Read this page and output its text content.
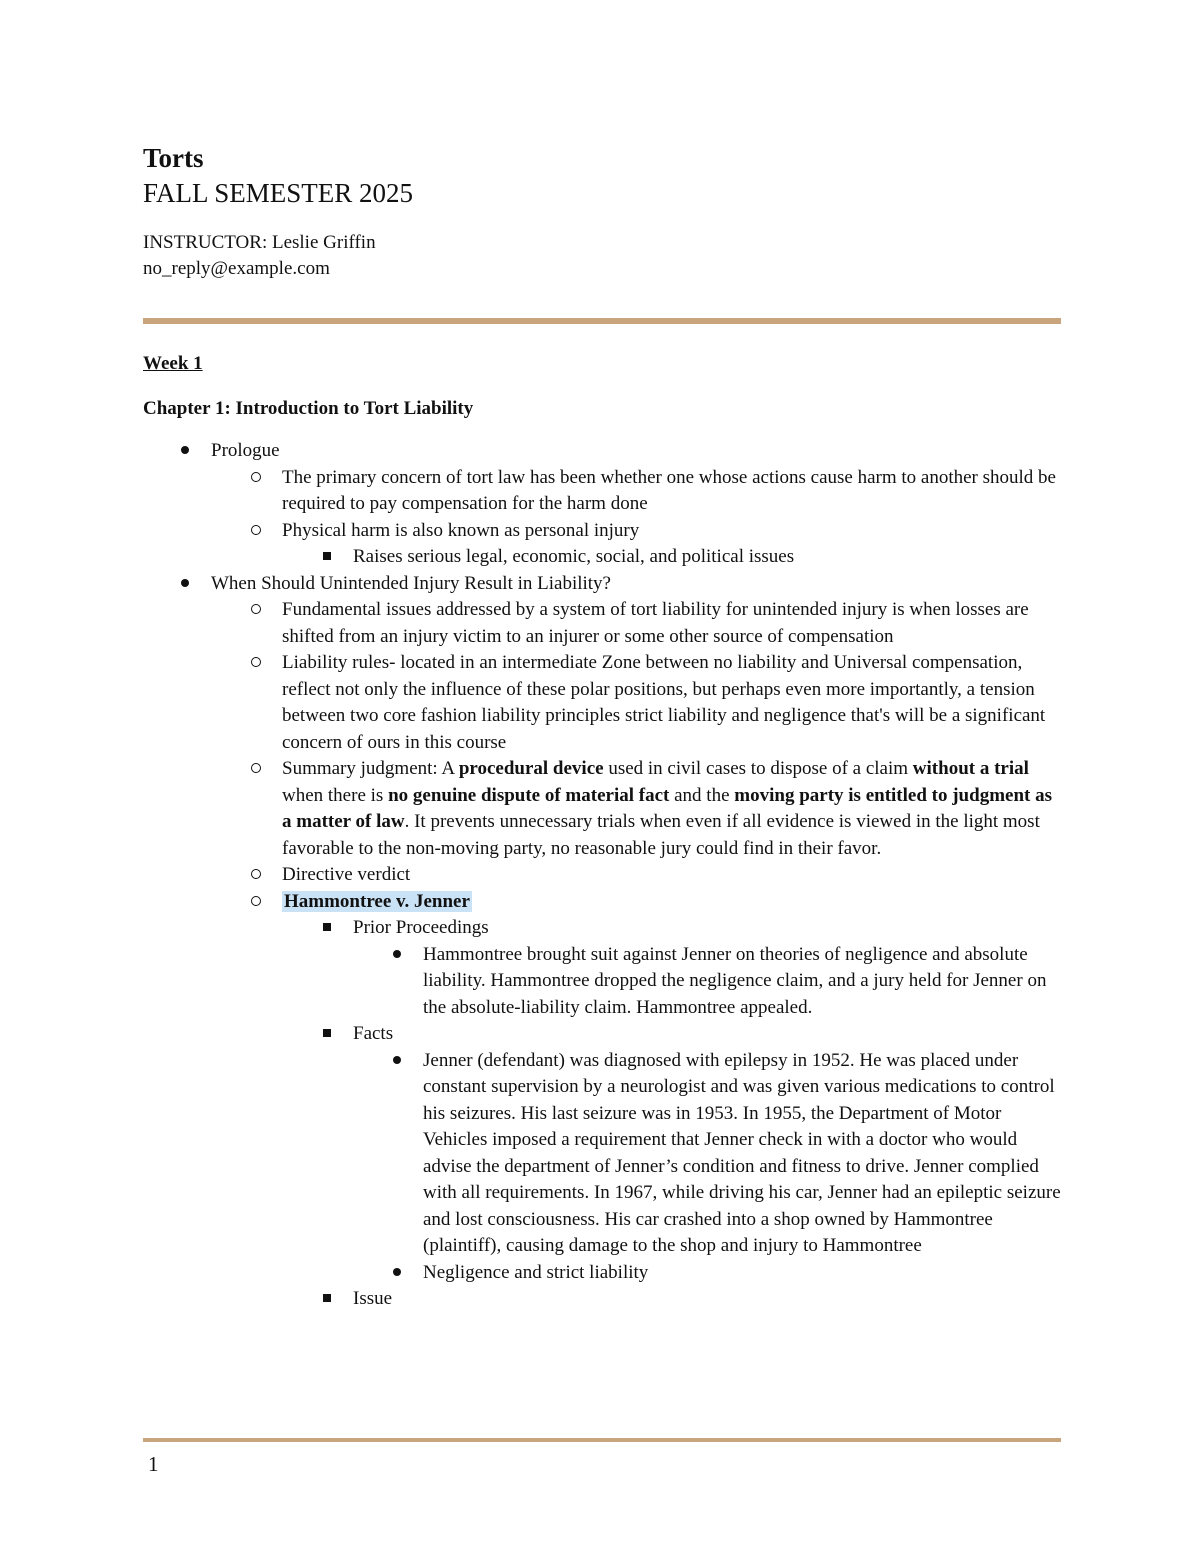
Torts

FALL SEMESTER 2025

INSTRUCTOR: Leslie Griffin

no_reply@example.com

Week 1

Chapter 1: Introduction to Tort Liability

Prologue
The primary concern of tort law has been whether one whose actions cause harm to another should be required to pay compensation for the harm done
Physical harm is also known as personal injury
Raises serious legal, economic, social, and political issues
When Should Unintended Injury Result in Liability?
Fundamental issues addressed by a system of tort liability for unintended injury is when losses are shifted from an injury victim to an injurer or some other source of compensation
Liability rules- located in an intermediate Zone between no liability and Universal compensation, reflect not only the influence of these polar positions, but perhaps even more importantly, a tension between two core fashion liability principles strict liability and negligence that's will be a significant concern of ours in this course
Summary judgment: A procedural device used in civil cases to dispose of a claim without a trial when there is no genuine dispute of material fact and the moving party is entitled to judgment as a matter of law. It prevents unnecessary trials when even if all evidence is viewed in the light most favorable to the non-moving party, no reasonable jury could find in their favor.
Directive verdict
Hammontree v. Jenner
Prior Proceedings
Hammontree brought suit against Jenner on theories of negligence and absolute liability. Hammontree dropped the negligence claim, and a jury held for Jenner on the absolute-liability claim. Hammontree appealed.
Facts
Jenner (defendant) was diagnosed with epilepsy in 1952. He was placed under constant supervision by a neurologist and was given various medications to control his seizures. His last seizure was in 1953. In 1955, the Department of Motor Vehicles imposed a requirement that Jenner check in with a doctor who would advise the department of Jenner’s condition and fitness to drive. Jenner complied with all requirements. In 1967, while driving his car, Jenner had an epileptic seizure and lost consciousness. His car crashed into a shop owned by Hammontree (plaintiff), causing damage to the shop and injury to Hammontree
Negligence and strict liability
Issue
1
